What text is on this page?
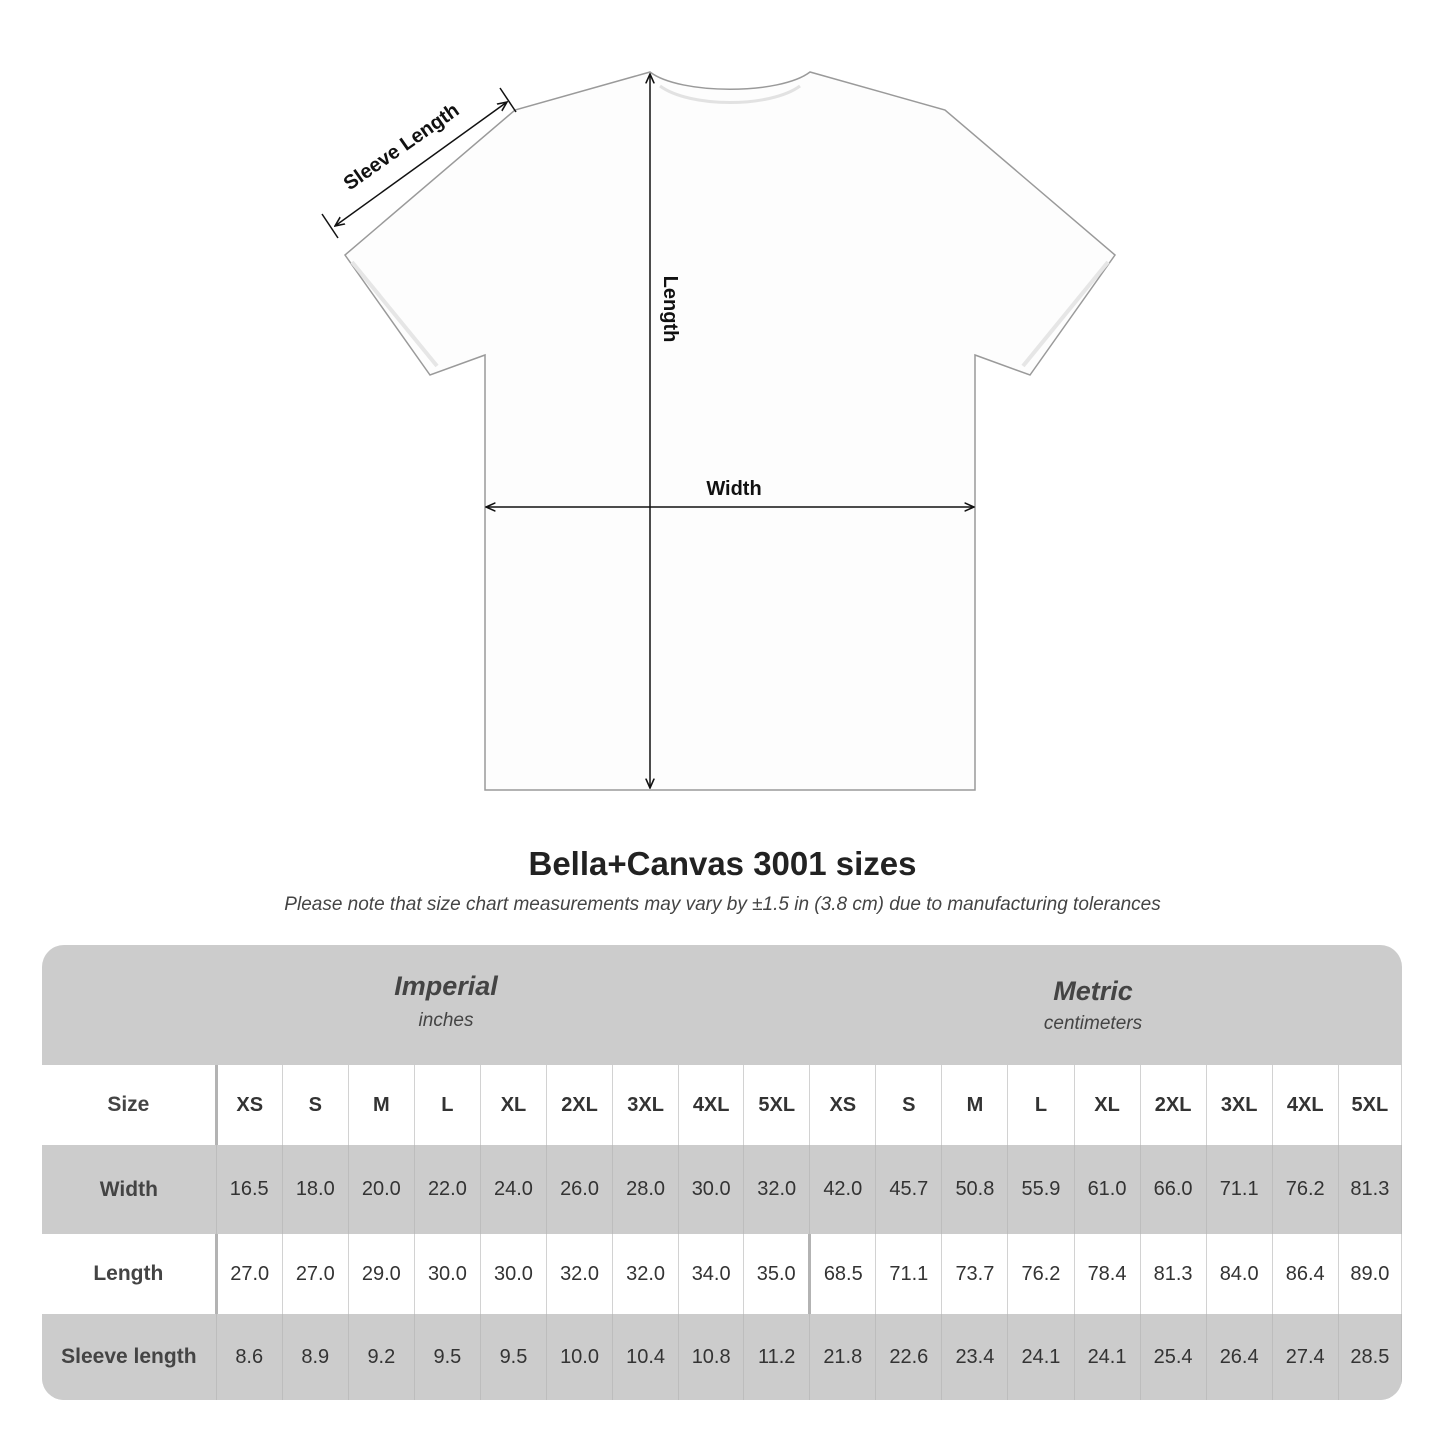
Sleeve Length
Length
Width
Bella+Canvas 3001 sizes
Please note that size chart measurements may vary by ±1.5 in (3.8 cm) due to manufacturing tolerances
Imperial
inches
Metric
centimeters
Size	XS	S	M	L	XL	2XL	3XL	4XL	5XL	XS	S	M	L	XL	2XL	3XL	4XL	5XL
Width	16.5	18.0	20.0	22.0	24.0	26.0	28.0	30.0	32.0	42.0	45.7	50.8	55.9	61.0	66.0	71.1	76.2	81.3
Length	27.0	27.0	29.0	30.0	30.0	32.0	32.0	34.0	35.0	68.5	71.1	73.7	76.2	78.4	81.3	84.0	86.4	89.0
Sleeve length	8.6	8.9	9.2	9.5	9.5	10.0	10.4	10.8	11.2	21.8	22.6	23.4	24.1	24.1	25.4	26.4	27.4	28.5
